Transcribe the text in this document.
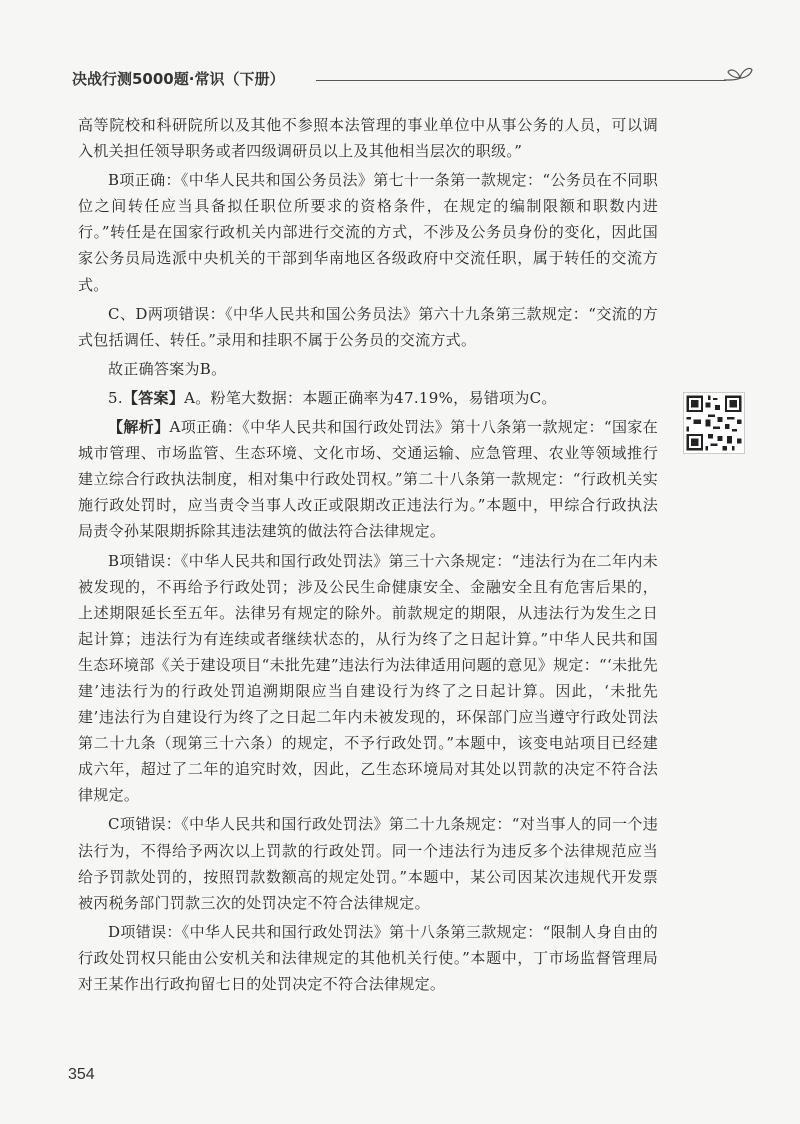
决战行测5000题·常识（下册）

高等院校和科研院所以及其他不参照本法管理的事业单位中从事公务的人员，可以调入机关担任领导职务或者四级调研员以上及其他相当层次的职级。”

B项正确：《中华人民共和国公务员法》第七十一条第一款规定：“公务员在不同职位之间转任应当具备拟任职位所要求的资格条件，在规定的编制限额和职数内进行。”转任是在国家行政机关内部进行交流的方式，不涉及公务员身份的变化，因此国家公务员局选派中央机关的干部到华南地区各级政府中交流任职，属于转任的交流方式。

C、D两项错误：《中华人民共和国公务员法》第六十九条第三款规定：“交流的方式包括调任、转任。”录用和挂职不属于公务员的交流方式。

故正确答案为B。

5.【答案】A。粉笔大数据：本题正确率为47.19%，易错项为C。

【解析】A项正确：《中华人民共和国行政处罚法》第十八条第一款规定：“国家在城市管理、市场监管、生态环境、文化市场、交通运输、应急管理、农业等领域推行建立综合行政执法制度，相对集中行政处罚权。”第二十八条第一款规定：“行政机关实施行政处罚时，应当责令当事人改正或限期改正违法行为。”本题中，甲综合行政执法局责令孙某限期拆除其违法建筑的做法符合法律规定。

B项错误：《中华人民共和国行政处罚法》第三十六条规定：“违法行为在二年内未被发现的，不再给予行政处罚；涉及公民生命健康安全、金融安全且有危害后果的，上述期限延长至五年。法律另有规定的除外。前款规定的期限，从违法行为发生之日起计算；违法行为有连续或者继续状态的，从行为终了之日起计算。”中华人民共和国生态环境部《关于建设项目“未批先建”违法行为法律适用问题的意见》规定：“‘未批先建’违法行为的行政处罚追溯期限应当自建设行为终了之日起计算。因此，‘未批先建’违法行为自建设行为终了之日起二年内未被发现的，环保部门应当遵守行政处罚法第二十九条（现第三十六条）的规定，不予行政处罚。”本题中，该变电站项目已经建成六年，超过了二年的追究时效，因此，乙生态环境局对其处以罚款的决定不符合法律规定。

C项错误：《中华人民共和国行政处罚法》第二十九条规定：“对当事人的同一个违法行为，不得给予两次以上罚款的行政处罚。同一个违法行为违反多个法律规范应当给予罚款处罚的，按照罚款数额高的规定处罚。”本题中，某公司因某次违规代开发票被丙税务部门罚款三次的处罚决定不符合法律规定。

D项错误：《中华人民共和国行政处罚法》第十八条第三款规定：“限制人身自由的行政处罚权只能由公安机关和法律规定的其他机关行使。”本题中，丁市场监督管理局对王某作出行政拘留七日的处罚决定不符合法律规定。

354
